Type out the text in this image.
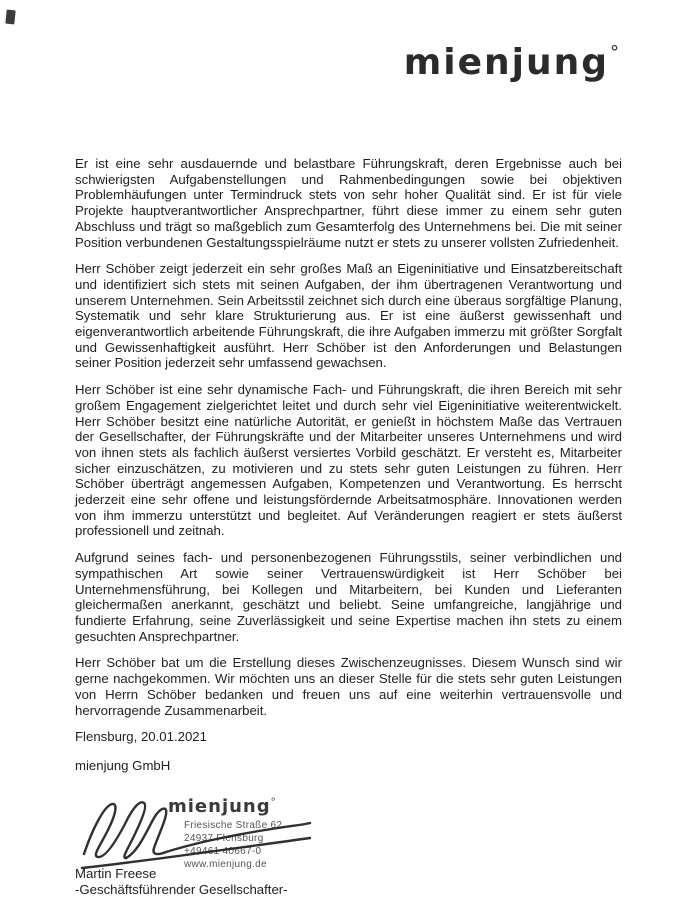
mienjung°

Er ist eine sehr ausdauernde und belastbare Führungskraft, deren Ergebnisse auch bei schwierigsten Aufgabenstellungen und Rahmenbedingungen sowie bei objektiven Problemhäufungen unter Termindruck stets von sehr hoher Qualität sind. Er ist für viele Projekte hauptverantwortlicher Ansprechpartner, führt diese immer zu einem sehr guten Abschluss und trägt so maßgeblich zum Gesamterfolg des Unternehmens bei. Die mit seiner Position verbundenen Gestaltungsspielräume nutzt er stets zu unserer vollsten Zufriedenheit.

Herr Schöber zeigt jederzeit ein sehr großes Maß an Eigeninitiative und Einsatzbereitschaft und identifiziert sich stets mit seinen Aufgaben, der ihm übertragenen Verantwortung und unserem Unternehmen. Sein Arbeitsstil zeichnet sich durch eine überaus sorgfältige Planung, Systematik und sehr klare Strukturierung aus. Er ist eine äußerst gewissenhaft und eigenverantwortlich arbeitende Führungskraft, die ihre Aufgaben immerzu mit größter Sorgfalt und Gewissenhaftigkeit ausführt. Herr Schöber ist den Anforderungen und Belastungen seiner Position jederzeit sehr umfassend gewachsen.

Herr Schöber ist eine sehr dynamische Fach- und Führungskraft, die ihren Bereich mit sehr großem Engagement zielgerichtet leitet und durch sehr viel Eigeninitiative weiterentwickelt. Herr Schöber besitzt eine natürliche Autorität, er genießt in höchstem Maße das Vertrauen der Gesellschafter, der Führungskräfte und der Mitarbeiter unseres Unternehmens und wird von ihnen stets als fachlich äußerst versiertes Vorbild geschätzt. Er versteht es, Mitarbeiter sicher einzuschätzen, zu motivieren und zu stets sehr guten Leistungen zu führen. Herr Schöber überträgt angemessen Aufgaben, Kompetenzen und Verantwortung. Es herrscht jederzeit eine sehr offene und leistungsfördernde Arbeitsatmosphäre. Innovationen werden von ihm immerzu unterstützt und begleitet. Auf Veränderungen reagiert er stets äußerst professionell und zeitnah.

Aufgrund seines fach- und personenbezogenen Führungsstils, seiner verbindlichen und sympathischen Art sowie seiner Vertrauenswürdigkeit ist Herr Schöber bei Unternehmensführung, bei Kollegen und Mitarbeitern, bei Kunden und Lieferanten gleichermaßen anerkannt, geschätzt und beliebt. Seine umfangreiche, langjährige und fundierte Erfahrung, seine Zuverlässigkeit und seine Expertise machen ihn stets zu einem gesuchten Ansprechpartner.

Herr Schöber bat um die Erstellung dieses Zwischenzeugnisses. Diesem Wunsch sind wir gerne nachgekommen. Wir möchten uns an dieser Stelle für die stets sehr guten Leistungen von Herrn Schöber bedanken und freuen uns auf eine weiterhin vertrauensvolle und hervorragende Zusammenarbeit.

Flensburg, 20.01.2021

mienjung GmbH

mienjung°
Friesische Straße 62
24937 Flensburg
+49461 40667-0
www.mienjung.de
Martin Freese
-Geschäftsführender Gesellschafter-
